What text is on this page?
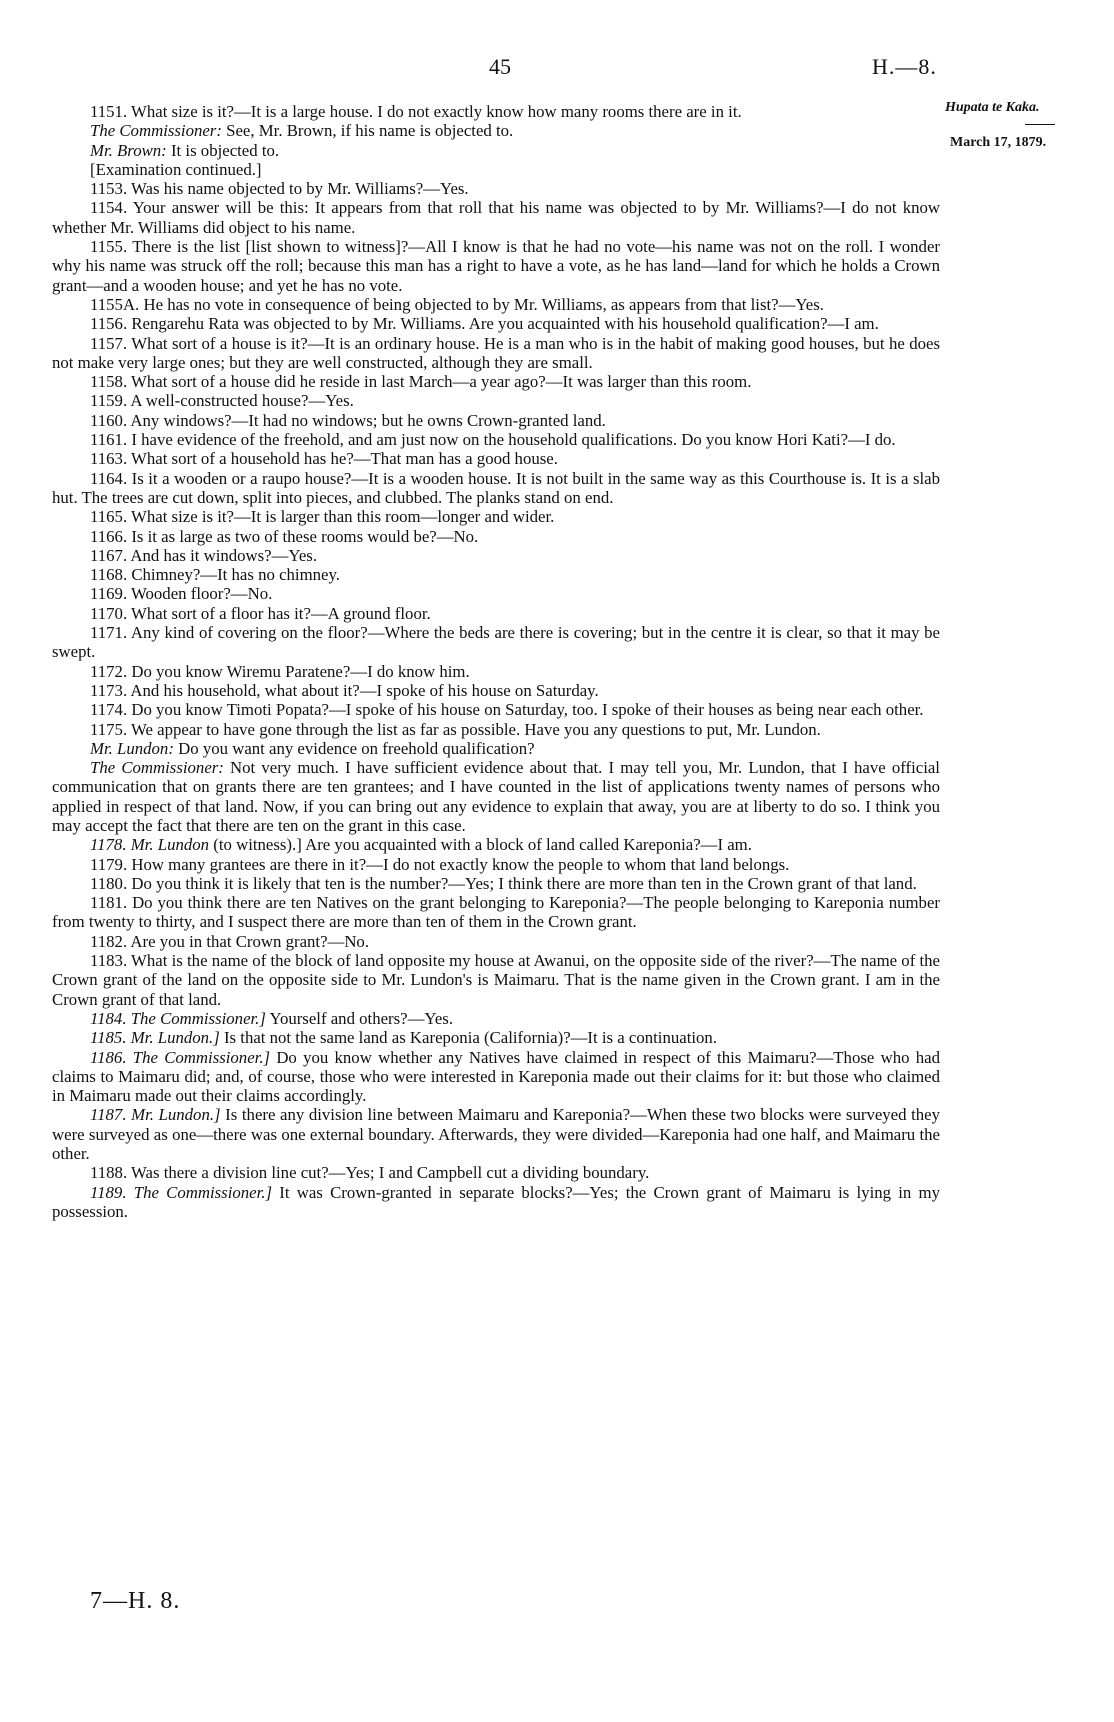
45	H.—8.
Hupata te Kaka.
March 17, 1879.

1151. What size is it?—It is a large house. I do not exactly know how many rooms there are in it.

The Commissioner: See, Mr. Brown, if his name is objected to.

Mr. Brown: It is objected to.

[Examination continued.]

1153. Was his name objected to by Mr. Williams?—Yes.

1154. Your answer will be this: It appears from that roll that his name was objected to by Mr. Williams?—I do not know whether Mr. Williams did object to his name.

1155. There is the list [list shown to witness]?—All I know is that he had no vote—his name was not on the roll. I wonder why his name was struck off the roll; because this man has a right to have a vote, as he has land—land for which he holds a Crown grant—and a wooden house; and yet he has no vote.

1155A. He has no vote in consequence of being objected to by Mr. Williams, as appears from that list?—Yes.

1156. Rengarehu Rata was objected to by Mr. Williams. Are you acquainted with his household qualification?—I am.

1157. What sort of a house is it?—It is an ordinary house. He is a man who is in the habit of making good houses, but he does not make very large ones; but they are well constructed, although they are small.

1158. What sort of a house did he reside in last March—a year ago?—It was larger than this room.

1159. A well-constructed house?—Yes.

1160. Any windows?—It had no windows; but he owns Crown-granted land.

1161. I have evidence of the freehold, and am just now on the household qualifications. Do you know Hori Kati?—I do.

1163. What sort of a household has he?—That man has a good house.

1164. Is it a wooden or a raupo house?—It is a wooden house. It is not built in the same way as this Courthouse is. It is a slab hut. The trees are cut down, split into pieces, and clubbed. The planks stand on end.

1165. What size is it?—It is larger than this room—longer and wider.

1166. Is it as large as two of these rooms would be?—No.

1167. And has it windows?—Yes.

1168. Chimney?—It has no chimney.

1169. Wooden floor?—No.

1170. What sort of a floor has it?—A ground floor.

1171. Any kind of covering on the floor?—Where the beds are there is covering; but in the centre it is clear, so that it may be swept.

1172. Do you know Wiremu Paratene?—I do know him.

1173. And his household, what about it?—I spoke of his house on Saturday.

1174. Do you know Timoti Popata?—I spoke of his house on Saturday, too. I spoke of their houses as being near each other.

1175. We appear to have gone through the list as far as possible. Have you any questions to put, Mr. Lundon.

Mr. Lundon: Do you want any evidence on freehold qualification?

The Commissioner: Not very much. I have sufficient evidence about that. I may tell you, Mr. Lundon, that I have official communication that on grants there are ten grantees; and I have counted in the list of applications twenty names of persons who applied in respect of that land. Now, if you can bring out any evidence to explain that away, you are at liberty to do so. I think you may accept the fact that there are ten on the grant in this case.

1178. Mr. Lundon (to witness).] Are you acquainted with a block of land called Kareponia?—I am.

1179. How many grantees are there in it?—I do not exactly know the people to whom that land belongs.

1180. Do you think it is likely that ten is the number?—Yes; I think there are more than ten in the Crown grant of that land.

1181. Do you think there are ten Natives on the grant belonging to Kareponia?—The people belonging to Kareponia number from twenty to thirty, and I suspect there are more than ten of them in the Crown grant.

1182. Are you in that Crown grant?—No.

1183. What is the name of the block of land opposite my house at Awanui, on the opposite side of the river?—The name of the Crown grant of the land on the opposite side to Mr. Lundon's is Maimaru. That is the name given in the Crown grant. I am in the Crown grant of that land.

1184. The Commissioner.] Yourself and others?—Yes.

1185. Mr. Lundon.] Is that not the same land as Kareponia (California)?—It is a continuation.

1186. The Commissioner.] Do you know whether any Natives have claimed in respect of this Maimaru?—Those who had claims to Maimaru did; and, of course, those who were interested in Kareponia made out their claims for it: but those who claimed in Maimaru made out their claims accordingly.

1187. Mr. Lundon.] Is there any division line between Maimaru and Kareponia?—When these two blocks were surveyed they were surveyed as one—there was one external boundary. Afterwards, they were divided—Kareponia had one half, and Maimaru the other.

1188. Was there a division line cut?—Yes; I and Campbell cut a dividing boundary.

1189. The Commissioner.] It was Crown-granted in separate blocks?—Yes; the Crown grant of Maimaru is lying in my possession.

7—H. 8.
